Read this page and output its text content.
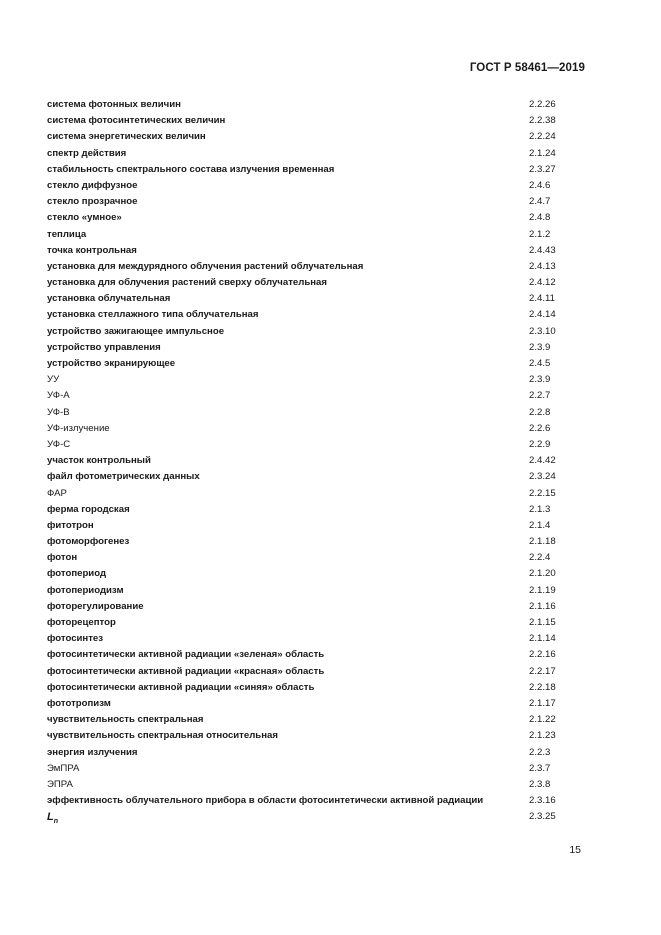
ГОСТ Р 58461—2019
система фотонных величин	2.2.26
система фотосинтетических величин	2.2.38
система энергетических величин	2.2.24
спектр действия	2.1.24
стабильность спектрального состава излучения временная	2.3.27
стекло диффузное	2.4.6
стекло прозрачное	2.4.7
стекло «умное»	2.4.8
теплица	2.1.2
точка контрольная	2.4.43
установка для междурядного облучения растений облучательная	2.4.13
установка для облучения растений сверху облучательная	2.4.12
установка облучательная	2.4.11
установка стеллажного типа облучательная	2.4.14
устройство зажигающее импульсное	2.3.10
устройство управления	2.3.9
устройство экранирующее	2.4.5
УУ	2.3.9
УФ-А	2.2.7
УФ-В	2.2.8
УФ-излучение	2.2.6
УФ-С	2.2.9
участок контрольный	2.4.42
файл фотометрических данных	2.3.24
ФАР	2.2.15
ферма городская	2.1.3
фитотрон	2.1.4
фотоморфогенез	2.1.18
фотон	2.2.4
фотопериод	2.1.20
фотопериодизм	2.1.19
фоторегулирование	2.1.16
фоторецептор	2.1.15
фотосинтез	2.1.14
фотосинтетически активной радиации «зеленая» область	2.2.16
фотосинтетически активной радиации «красная» область	2.2.17
фотосинтетически активной радиации «синяя» область	2.2.18
фототропизм	2.1.17
чувствительность спектральная	2.1.22
чувствительность спектральная относительная	2.1.23
энергия излучения	2.2.3
ЭмПРА	2.3.7
ЭПРА	2.3.8
эффективность облучательного прибора в области фотосинтетически активной радиации	2.3.16
$L_n$	2.3.25
15
